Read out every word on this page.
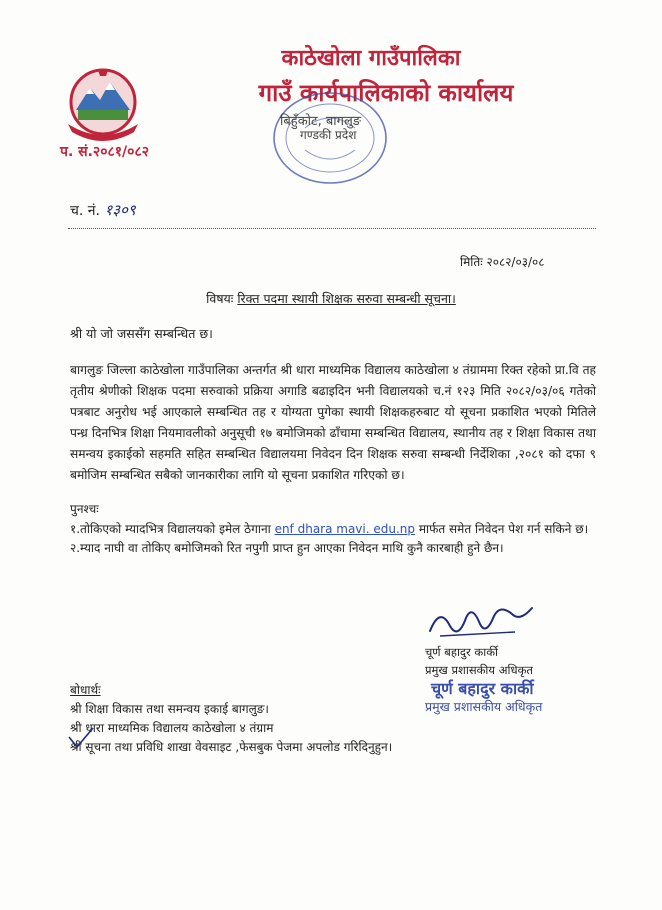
काठेखोला गाउँपालिका
गाउँ कार्यपालिकाको कार्यालय
बिहुँकोट, बागलुङ
गण्डकी प्रदेश
प. सं.२०८१/०८२
च. नं. १३०९
मितिः २०८२/०३/०८
विषयः रिक्त पदमा स्थायी शिक्षक सरुवा सम्बन्धी सूचना।
श्री यो जो जससँग सम्बन्धित छ।
बागलुङ जिल्ला काठेखोला गाउँपालिका अन्तर्गत श्री धारा माध्यमिक विद्यालय काठेखोला ४ तंग्राममा रिक्त रहेको प्रा.वि तह तृतीय श्रेणीको शिक्षक पदमा सरुवाको प्रक्रिया अगाडि बढाइदिन भनी विद्यालयको च.नं १२३ मिति २०८२/०३/०६ गतेको पत्रबाट अनुरोध भई आएकाले सम्बन्धित तह र योग्यता पुगेका स्थायी शिक्षकहरुबाट यो सूचना प्रकाशित भएको मितिले पन्ध्र दिनभित्र शिक्षा नियमावलीको अनुसूची १७ बमोजिमको ढाँचामा सम्बन्धित विद्यालय, स्थानीय तह र शिक्षा विकास तथा समन्वय इकाईको सहमति सहित सम्बन्धित विद्यालयमा निवेदन दिन शिक्षक सरुवा सम्बन्धी निर्देशिका ,२०८१ को दफा ९ बमोजिम सम्बन्धित सबैको जानकारीका लागि यो सूचना प्रकाशित गरिएको छ।
पुनश्चः
१.तोकिएको म्यादभित्र विद्यालयको इमेल ठेगाना enf dhara mavi. edu.np मार्फत समेत निवेदन पेश गर्न सकिने छ।
२.म्याद नाघी वा तोकिए बमोजिमको रित नपुगी प्राप्त हुन आएका निवेदन माथि कुनै कारबाही हुने छैन।
चूर्ण बहादुर कार्की
प्रमुख प्रशासकीय अधिकृत
चूर्ण बहादुर कार्की
प्रमुख प्रशासकीय अधिकृत
बोधार्थः
श्री शिक्षा विकास तथा समन्वय इकाई बागलुङ।
श्री धारा माध्यमिक विद्यालय काठेखोला ४ तंग्राम
श्री सूचना तथा प्रविधि शाखा वेवसाइट ,फेसबुक पेजमा अपलोड गरिदिनुहुन।
